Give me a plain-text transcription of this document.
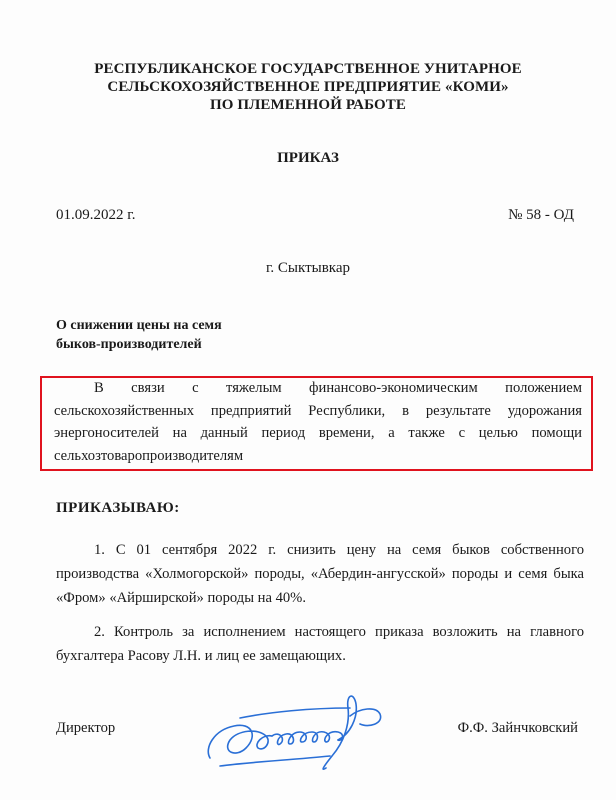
РЕСПУБЛИКАНСКОЕ ГОСУДАРСТВЕННОЕ УНИТАРНОЕ
СЕЛЬСКОХОЗЯЙСТВЕННОЕ ПРЕДПРИЯТИЕ «КОМИ»
ПО ПЛЕМЕННОЙ РАБОТЕ
ПРИКАЗ
01.09.2022 г.	№ 58 - ОД
г. Сыктывкар
О снижении цены на семя
быков-производителей
В связи с тяжелым финансово-экономическим положением сельскохозяйственных предприятий Республики, в результате удорожания энергоносителей на данный период времени, а также с целью помощи сельхозтоваропроизводителям
ПРИКАЗЫВАЮ:
1. С 01 сентября 2022 г. снизить цену на семя быков собственного производства «Холмогорской» породы, «Абердин-ангусской» породы и семя быка «Фром» «Айрширской» породы на 40%.
2. Контроль за исполнением настоящего приказа возложить на главного бухгалтера Расову Л.Н. и лиц ее замещающих.
Директор	Ф.Ф. Зайнчковский
